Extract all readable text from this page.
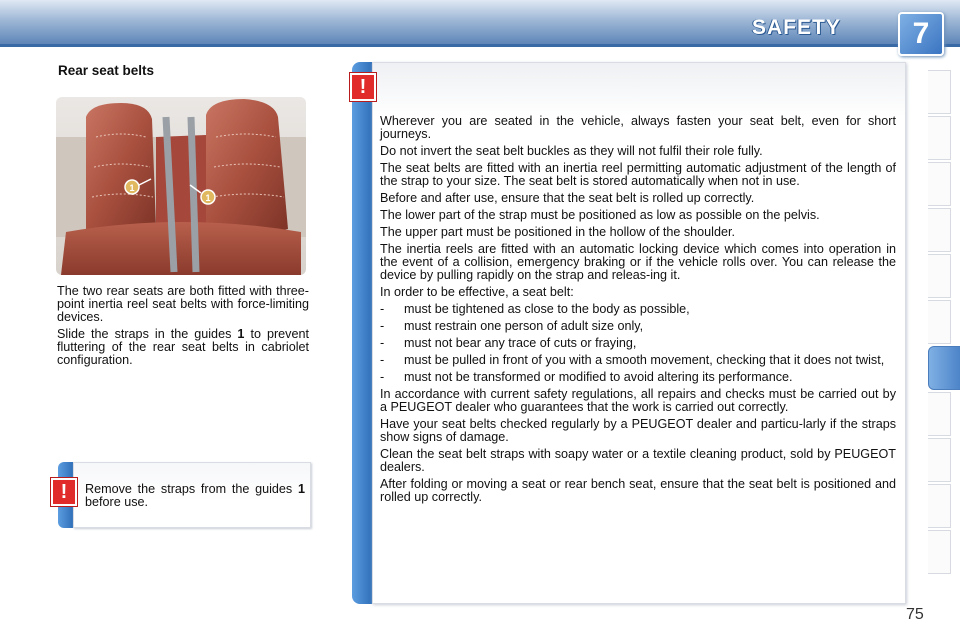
SAFETY	7
Rear seat belts
1
1

The two rear seats are both fitted with three-point inertia reel seat belts with force-limiting devices.

Slide the straps in the guides 1 to prevent fluttering of the rear seat belts in cabriolet configuration.

Remove the straps from the guides 1 before use.
!
!

Wherever you are seated in the vehicle, always fasten your seat belt, even for short journeys.

Do not invert the seat belt buckles as they will not fulfil their role fully.

The seat belts are fitted with an inertia reel permitting automatic adjustment of the length of the strap to your size. The seat belt is stored automatically when not in use.

Before and after use, ensure that the seat belt is rolled up correctly.

The lower part of the strap must be positioned as low as possible on the pelvis.

The upper part must be positioned in the hollow of the shoulder.

The inertia reels are fitted with an automatic locking device which comes into operation in the event of a collision, emergency braking or if the vehicle rolls over. You can release the device by pulling rapidly on the strap and releas-ing it.

In order to be effective, a seat belt:

- must be tightened as close to the body as possible,
- must restrain one person of adult size only,
- must not bear any trace of cuts or fraying,
- must be pulled in front of you with a smooth movement, checking that it does not twist,
- must not be transformed or modified to avoid altering its performance.

In accordance with current safety regulations, all repairs and checks must be carried out by a PEUGEOT dealer who guarantees that the work is carried out correctly.

Have your seat belts checked regularly by a PEUGEOT dealer and particu-larly if the straps show signs of damage.

Clean the seat belt straps with soapy water or a textile cleaning product, sold by PEUGEOT dealers.

After folding or moving a seat or rear bench seat, ensure that the seat belt is positioned and rolled up correctly.

75
